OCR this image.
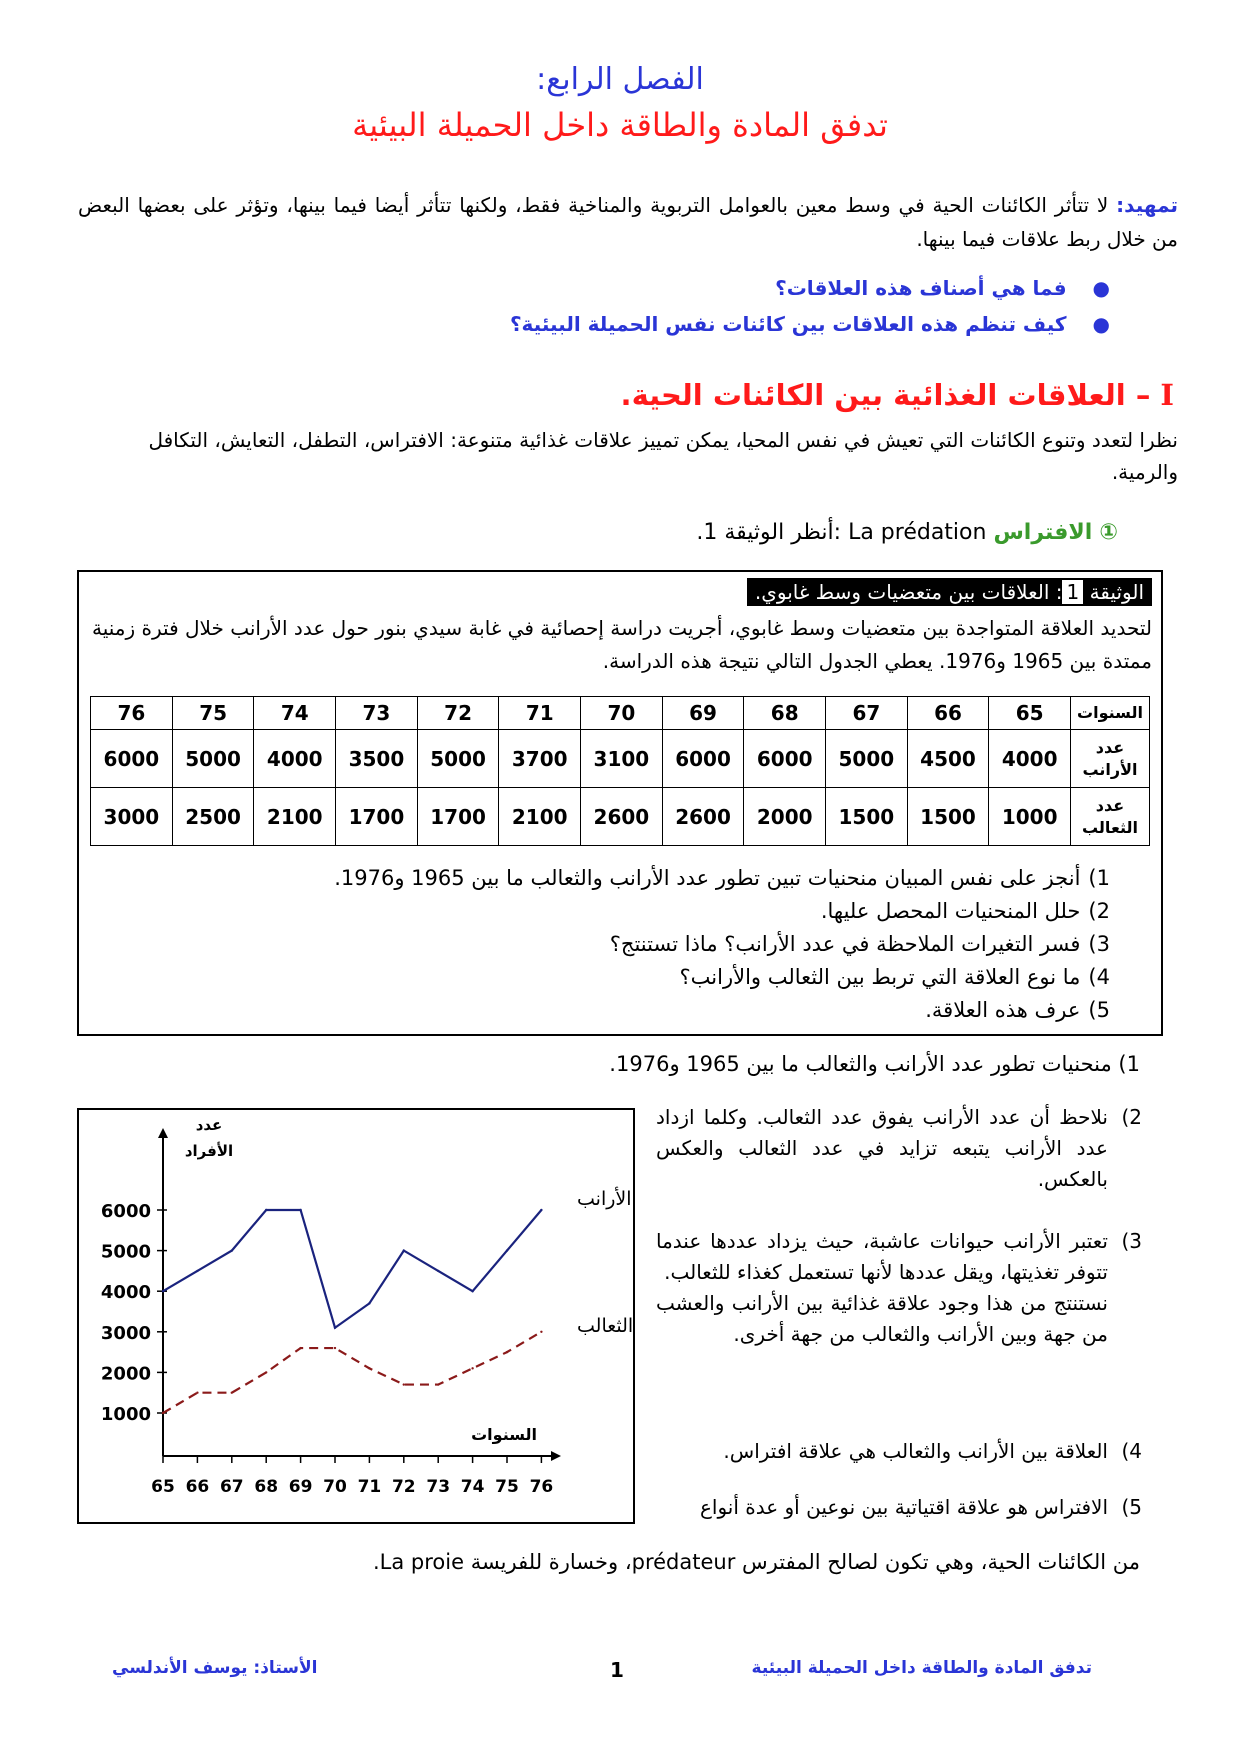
الفصل الرابع:
تدفق المادة والطاقة داخل الحميلة البيئية
تمهيد: لا تتأثر الكائنات الحية في وسط معين بالعوامل التربوية والمناخية فقط، ولكنها تتأثر أيضا فيما بينها، وتؤثر على بعضها البعض من خلال ربط علاقات فيما بينها.
●فما هي أصناف هذه العلاقات؟
●كيف تنظم هذه العلاقات بين كائنات نفس الحميلة البيئية؟
I – العلاقات الغذائية بين الكائنات الحية.
نظرا لتعدد وتنوع الكائنات التي تعيش في نفس المحيا، يمكن تمييز علاقات غذائية متنوعة: الافتراس، التطفل، التعايش، التكافل والرمية.
① الافتراس La prédation :أنظر الوثيقة 1.
الوثيقة 1: العلاقات بين متعضيات وسط غابوي.
لتحديد العلاقة المتواجدة بين متعضيات وسط غابوي، أجريت دراسة إحصائية في غابة سيدي بنور حول عدد الأرانب خلال فترة زمنية ممتدة بين 1965 و1976. يعطي الجدول التالي نتيجة هذه الدراسة.
السنوات	65	66	67	68	69	70	71	72	73	74	75	76
عدد الأرانب	4000	4500	5000	6000	6000	3100	3700	5000	3500	4000	5000	6000
عدد الثعالب	1000	1500	1500	2000	2600	2600	2100	1700	1700	2100	2500	3000
1)أنجز على نفس المبيان منحنيات تبين تطور عدد الأرانب والثعالب ما بين 1965 و1976.
2)حلل المنحنيات المحصل عليها.
3)فسر التغيرات الملاحظة في عدد الأرانب؟ ماذا تستنتج؟
4)ما نوع العلاقة التي تربط بين الثعالب والأرانب؟
5)عرف هذه العلاقة.
1) منحنيات تطور عدد الأرانب والثعالب ما بين 1965 و1976.
1000
2000
3000
4000
5000
6000
65 66 67 68 69 70 71 72 73 74 75 76
عدد
الأفراد
السنوات
الأرانب
الثعالب
2)
نلاحظ أن عدد الأرانب يفوق عدد الثعالب. وكلما ازداد عدد الأرانب يتبعه تزايد في عدد الثعالب والعكس بالعكس.
3)
تعتبر الأرانب حيوانات عاشبة، حيث يزداد عددها عندما تتوفر تغذيتها، ويقل عددها لأنها تستعمل كغذاء للثعالب.
نستنتج من هذا وجود علاقة غذائية بين الأرانب والعشب من جهة وبين الأرانب والثعالب من جهة أخرى.
4)
العلاقة بين الأرانب والثعالب هي علاقة افتراس.
5)
الافتراس هو علاقة اقتياتية بين نوعين أو عدة أنواع
من الكائنات الحية، وهي تكون لصالح المفترس prédateur، وخسارة للفريسة La proie.
الأستاذ: يوسف الأندلسي	1	تدفق المادة والطاقة داخل الحميلة البيئية
